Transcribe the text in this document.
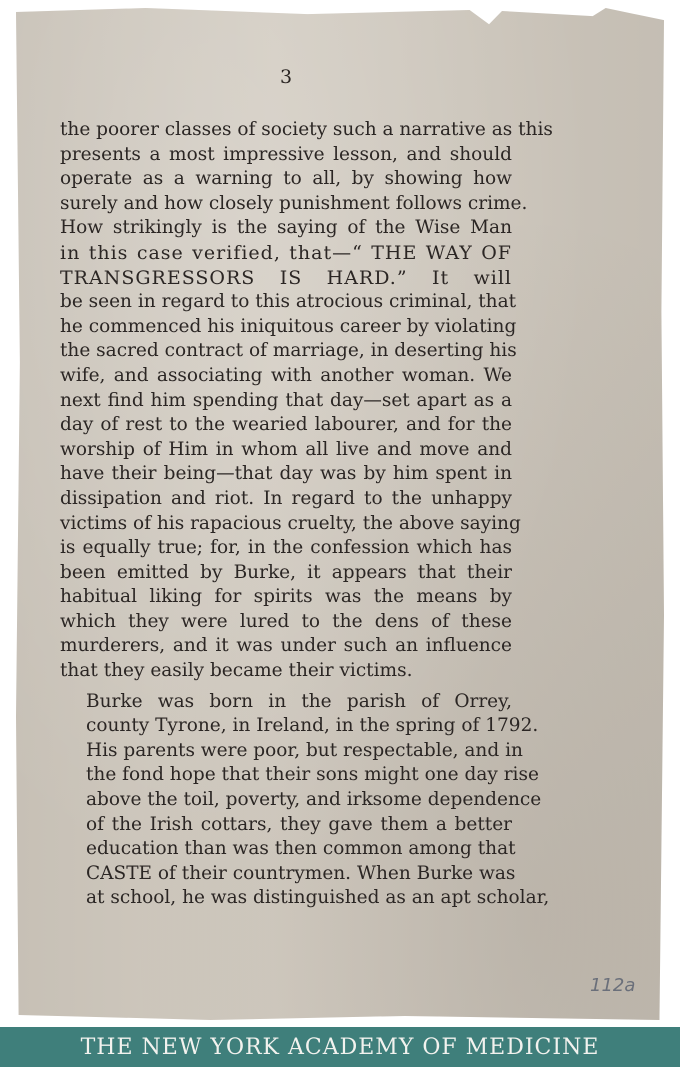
3

the poorer classes of society such a narrative as this
presents a most impressive lesson, and should
operate as a warning to all, by showing how
surely and how closely punishment follows crime.
How strikingly is the saying of the Wise Man
in this case verified, that—“ THE WAY OF
TRANSGRESSORS IS HARD.” It will
be seen in regard to this atrocious criminal, that
he commenced his iniquitous career by violating
the sacred contract of marriage, in deserting his
wife, and associating with another woman. We
next find him spending that day—set apart as a
day of rest to the wearied labourer, and for the
worship of Him in whom all live and move and
have their being—that day was by him spent in
dissipation and riot. In regard to the unhappy
victims of his rapacious cruelty, the above saying
is equally true; for, in the confession which has
been emitted by Burke, it appears that their
habitual liking for spirits was the means by
which they were lured to the dens of these
murderers, and it was under such an influence
that they easily became their victims.

Burke was born in the parish of Orrey,
county Tyrone, in Ireland, in the spring of 1792.
His parents were poor, but respectable, and in
the fond hope that their sons might one day rise
above the toil, poverty, and irksome dependence
of the Irish cottars, they gave them a better
education than was then common among that
CASTE of their countrymen. When Burke was
at school, he was distinguished as an apt scholar,

112a
THE NEW YORK ACADEMY OF MEDICINE
